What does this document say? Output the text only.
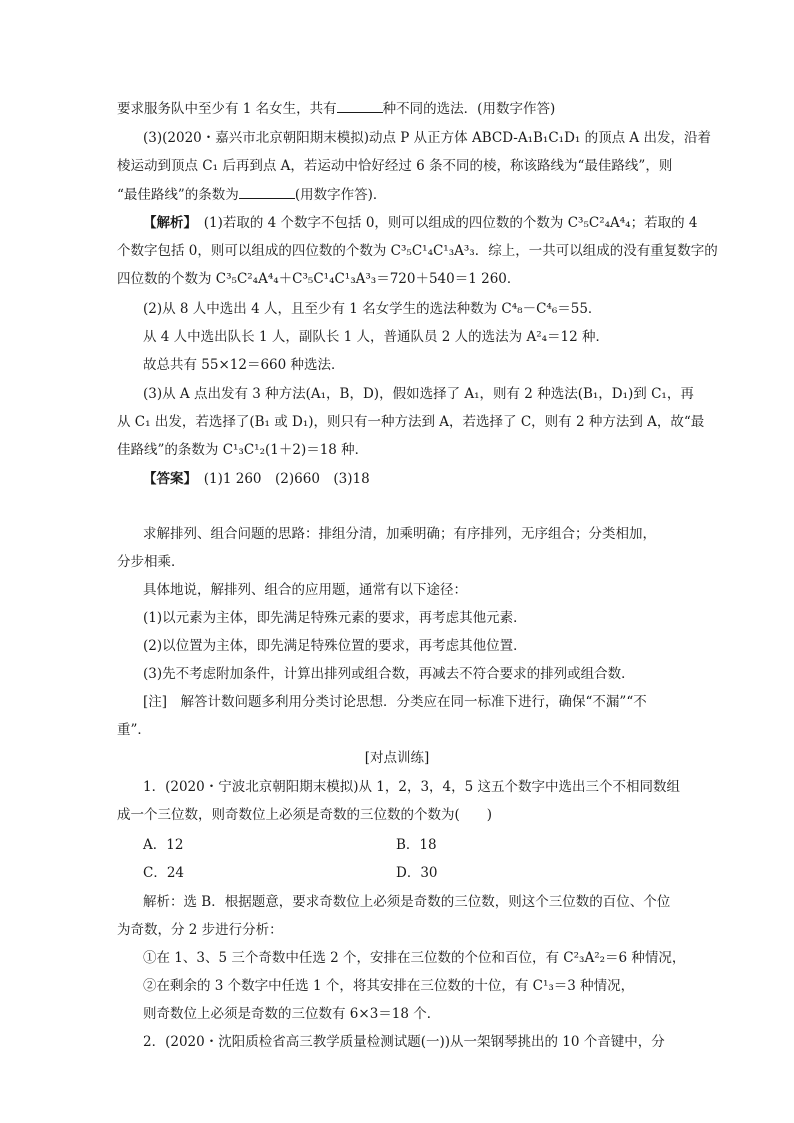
要求服务队中至少有 1 名女生，共有	种不同的选法．(用数字作答)
(3)(2020・嘉兴市北京朝阳期末模拟)动点 P 从正方体 ABCD-A₁B₁C₁D₁ 的顶点 A 出发，沿着
棱运动到顶点 C₁ 后再到点 A，若运动中恰好经过 6 条不同的棱，称该路线为“最佳路线”，则
“最佳路线”的条数为	(用数字作答)．
【解析】　 (1)若取的 4 个数字不包括 0，则可以组成的四位数的个数为 C³₅C²₄A⁴₄；若取的 4
个数字包括 0，则可以组成的四位数的个数为 C³₅C¹₄C¹₃A³₃．综上，一共可以组成的没有重复数字的
四位数的个数为 C³₅C²₄A⁴₄＋C³₅C¹₄C¹₃A³₃＝720＋540＝1 260．
(2)从 8 人中选出 4 人，且至少有 1 名女学生的选法种数为 C⁴₈－C⁴₆＝55．
从 4 人中选出队长 1 人，副队长 1 人，普通队员 2 人的选法为 A²₄＝12 种．
故总共有 55×12＝660 种选法．
(3)从 A 点出发有 3 种方法(A₁，B，D)，假如选择了 A₁，则有 2 种选法(B₁，D₁)到 C₁，再
从 C₁ 出发，若选择了(B₁ 或 D₁)，则只有一种方法到 A，若选择了 C，则有 2 种方法到 A，故“最
佳路线”的条数为 C¹₃C¹₂(1＋2)＝18 种．
【答案】　 (1)1 260　(2)660　(3)18
求解排列、组合问题的思路：排组分清，加乘明确；有序排列，无序组合；分类相加，
分步相乘．
具体地说，解排列、组合的应用题，通常有以下途径：
(1)以元素为主体，即先满足特殊元素的要求，再考虑其他元素．
(2)以位置为主体，即先满足特殊位置的要求，再考虑其他位置．
(3)先不考虑附加条件，计算出排列或组合数，再减去不符合要求的排列或组合数．
[注]　解答计数问题多利用分类讨论思想．分类应在同一标准下进行，确保“不漏”“不
重”．
[对点训练]
1．(2020・宁波北京朝阳期末模拟)从 1，2，3，4，5 这五个数字中选出三个不相同数组
成一个三位数，则奇数位上必须是奇数的三位数的个数为(　　)
A．12	B．18
C．24	D．30
解析：选 B．根据题意，要求奇数位上必须是奇数的三位数，则这个三位数的百位、个位
为奇数，分 2 步进行分析：
①在 1、3、5 三个奇数中任选 2 个，安排在三位数的个位和百位，有 C²₃A²₂＝6 种情况，
②在剩余的 3 个数字中任选 1 个，将其安排在三位数的十位，有 C¹₃＝3 种情况，
则奇数位上必须是奇数的三位数有 6×3＝18 个．
2．(2020・沈阳质检省高三教学质量检测试题(一))从一架钢琴挑出的 10 个音键中，分
